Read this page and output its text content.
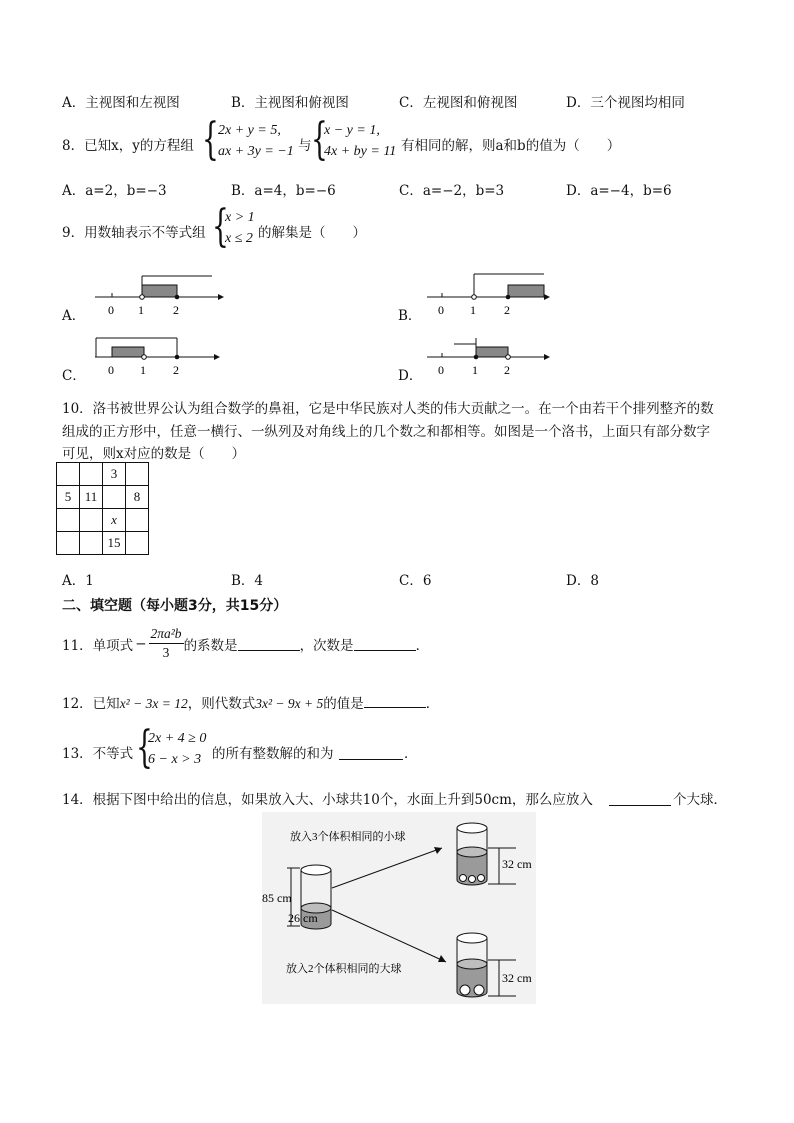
A．主视图和左视图	B．主视图和俯视图	C．左视图和俯视图	D．三个视图均相同
8．已知x，y的方程组 { 2x + y = 5,
ax + 3y = −1 与 {
x − y = 1,
4x + by = 11 有相同的解，则a和b的值为（　　）
A．a=2，b=−3	B．a=4，b=−6	C．a=−2，b=3	D．a=−4，b=6
9．用数轴表示不等式组 {
x > 1
x ≤ 2 的解集是（　　）
A． 0 1 2	B． 0 1 2
C． 0 1 2	D． 0 1 2
10．洛书被世界公认为组合数学的鼻祖，它是中华民族对人类的伟大贡献之一。在一个由若干个排列整齐的数
组成的正方形中，任意一横行、一纵列及对角线上的几个数之和都相等。如图是一个洛书，上面只有部分数字
可见，则x对应的数是（　　）
		3	
5	11		8
		x	
		15	
A．1	B．4	C．6	D．8
二、填空题（每小题3分，共15分）
11．单项式 − $\frac{\text{2πa²b}}{3}$ 的系数是	，次数是	．
12．已知x² − 3x = 12，则代数式3x² − 9x + 5的值是	．
13．不等式 {
2x + 4 ≥ 0
6 − x > 3 的所有整数解的和为	．
14．根据下图中给出的信息，如果放入大、小球共10个，水面上升到50cm，那么应放入	个大球．
85 cm
26 cm
放入3个体积相同的小球
放入2个体积相同的大球
32 cm
32 cm
